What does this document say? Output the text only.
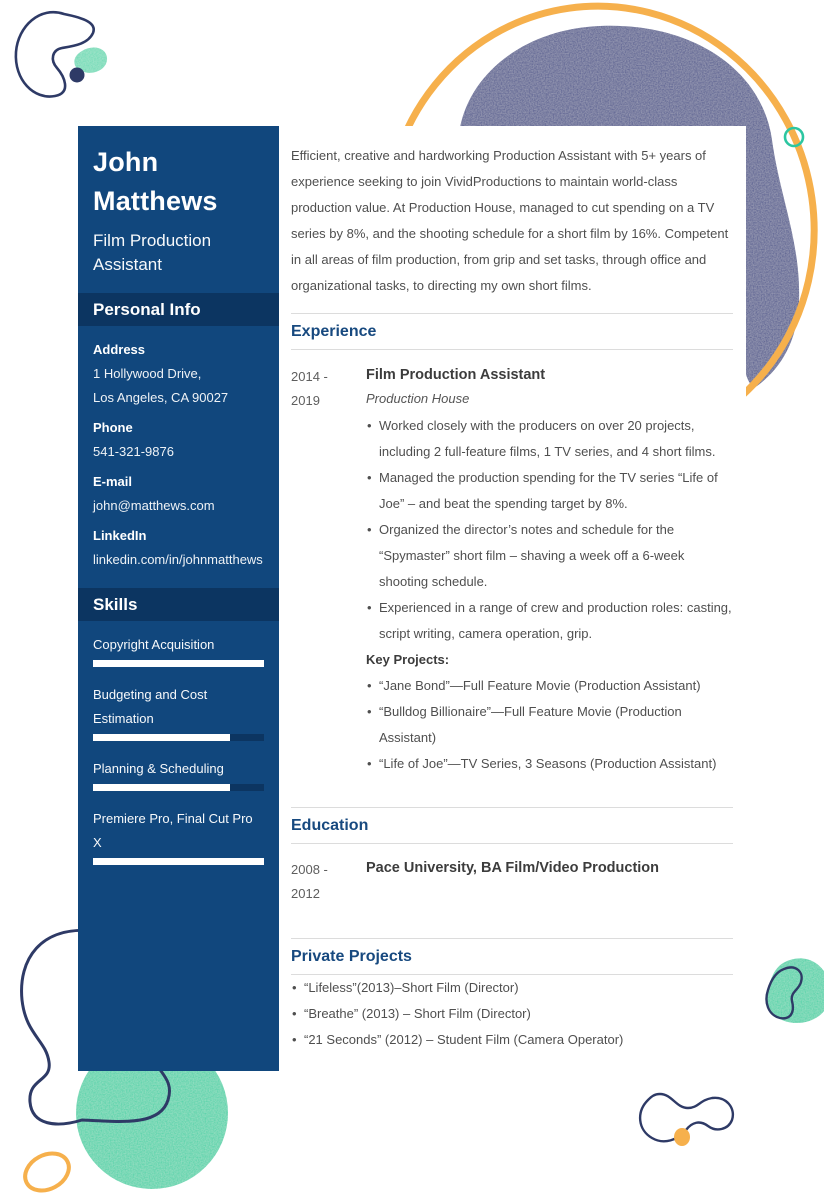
John Matthews
Film Production Assistant
Personal Info
Address
1 Hollywood Drive,
Los Angeles, CA 90027
Phone
541-321-9876
E-mail
john@matthews.com
LinkedIn
linkedin.com/in/johnmatthews
Skills
Copyright Acquisition
Budgeting and Cost Estimation
Planning & Scheduling
Premiere Pro, Final Cut Pro X

Efficient, creative and hardworking Production Assistant with 5+ years of experience seeking to join VividProductions to maintain world-class production value. At Production House, managed to cut spending on a TV series by 8%, and the shooting schedule for a short film by 16%. Competent in all areas of film production, from grip and set tasks, through office and organizational tasks, to directing my own short films.

Experience
2014 -
2019
Film Production Assistant
Production House
• Worked closely with the producers on over 20 projects, including 2 full-feature films, 1 TV series, and 4 short films.
• Managed the production spending for the TV series “Life of Joe” – and beat the spending target by 8%.
• Organized the director’s notes and schedule for the “Spymaster” short film – shaving a week off a 6-week shooting schedule.
• Experienced in a range of crew and production roles: casting, script writing, camera operation, grip.
Key Projects:
• “Jane Bond”—Full Feature Movie (Production Assistant)
• “Bulldog Billionaire”—Full Feature Movie (Production Assistant)
• “Life of Joe”—TV Series, 3 Seasons (Production Assistant)
Education
2008 -
2012
Pace University, BA Film/Video Production
Private Projects
• “Lifeless”(2013)–Short Film (Director)
• “Breathe” (2013) – Short Film (Director)
• “21 Seconds” (2012) – Student Film (Camera Operator)
